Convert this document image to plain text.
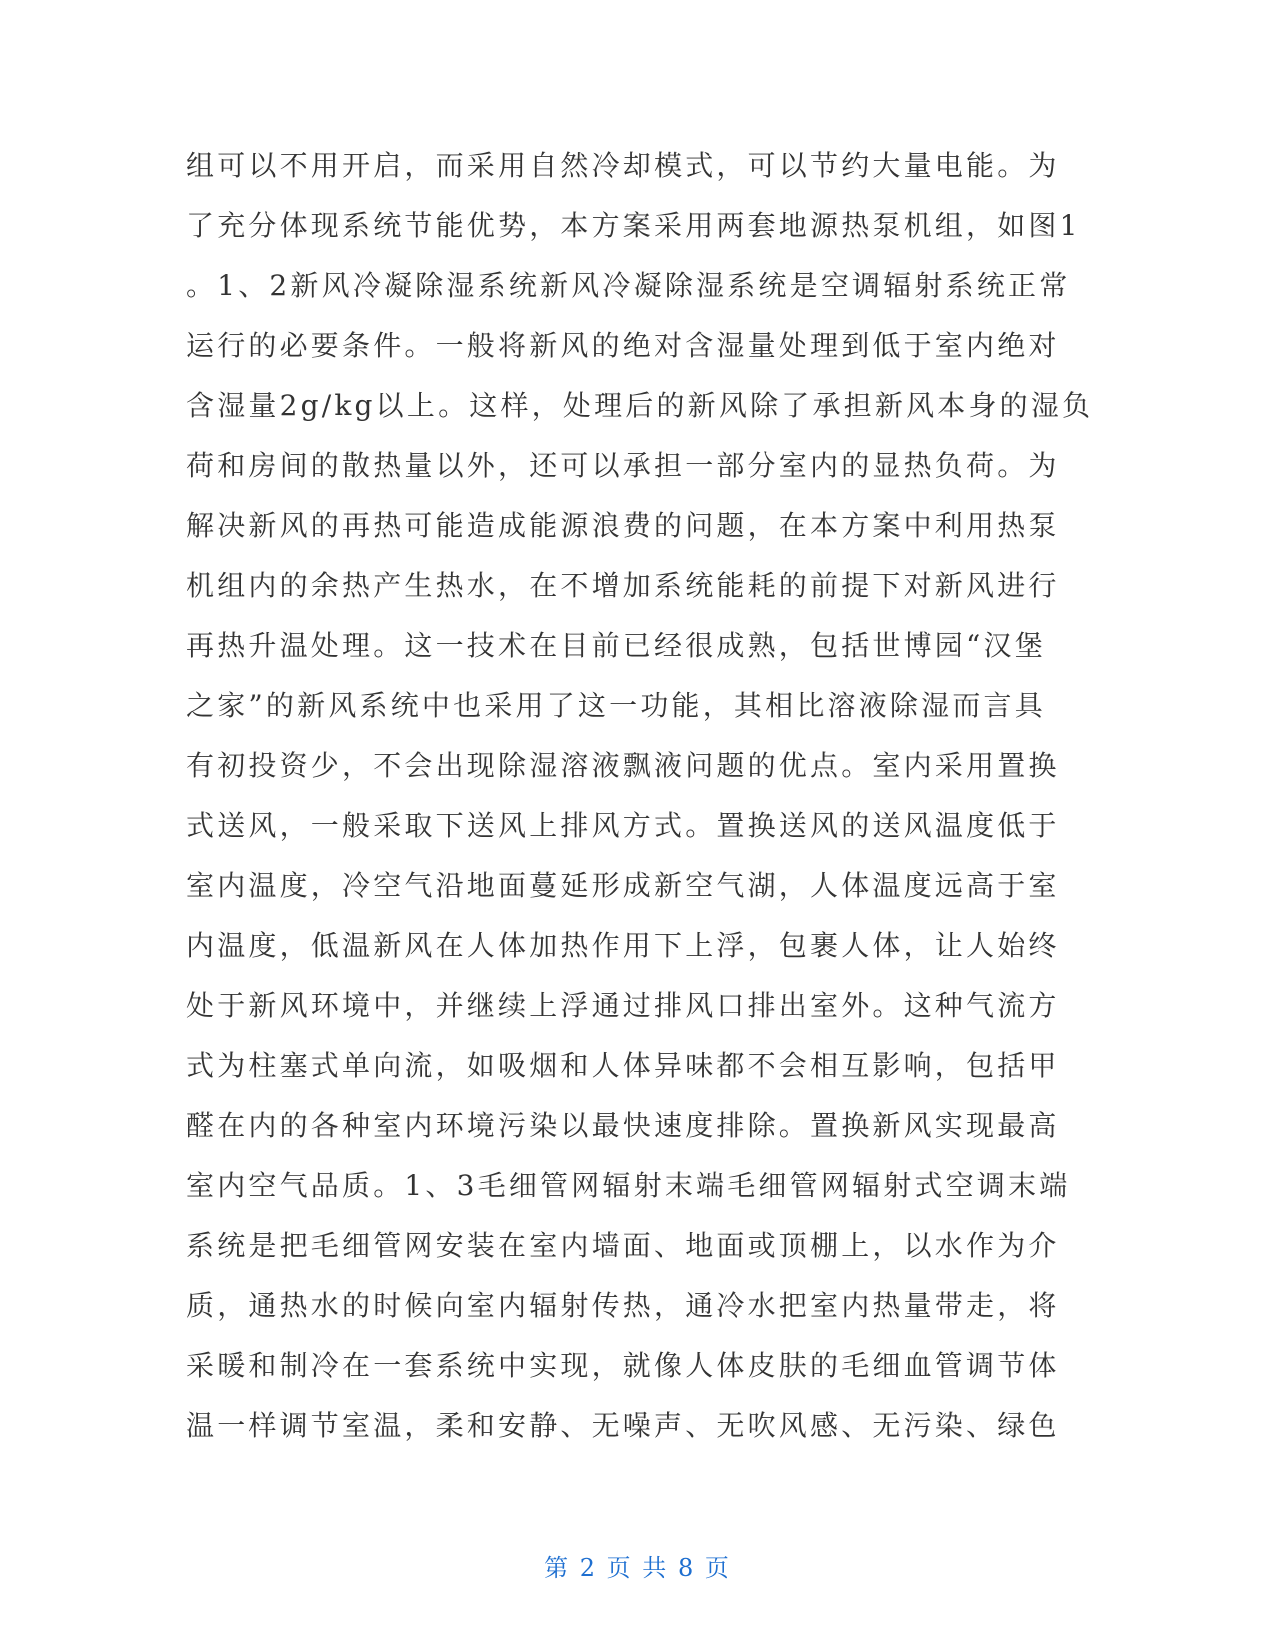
组可以不用开启，而采用自然冷却模式，可以节约大量电能。为
了充分体现系统节能优势，本方案采用两套地源热泵机组，如图1
。1、2新风冷凝除湿系统新风冷凝除湿系统是空调辐射系统正常
运行的必要条件。一般将新风的绝对含湿量处理到低于室内绝对
含湿量2g/kg以上。这样，处理后的新风除了承担新风本身的湿负
荷和房间的散热量以外，还可以承担一部分室内的显热负荷。为
解决新风的再热可能造成能源浪费的问题，在本方案中利用热泵
机组内的余热产生热水，在不增加系统能耗的前提下对新风进行
再热升温处理。这一技术在目前已经很成熟，包括世博园“汉堡
之家”的新风系统中也采用了这一功能，其相比溶液除湿而言具
有初投资少，不会出现除湿溶液飘液问题的优点。室内采用置换
式送风，一般采取下送风上排风方式。置换送风的送风温度低于
室内温度，冷空气沿地面蔓延形成新空气湖，人体温度远高于室
内温度，低温新风在人体加热作用下上浮，包裹人体，让人始终
处于新风环境中，并继续上浮通过排风口排出室外。这种气流方
式为柱塞式单向流，如吸烟和人体异味都不会相互影响，包括甲
醛在内的各种室内环境污染以最快速度排除。置换新风实现最高
室内空气品质。1、3毛细管网辐射末端毛细管网辐射式空调末端
系统是把毛细管网安装在室内墙面、地面或顶棚上，以水作为介
质，通热水的时候向室内辐射传热，通冷水把室内热量带走，将
采暖和制冷在一套系统中实现，就像人体皮肤的毛细血管调节体
温一样调节室温，柔和安静、无噪声、无吹风感、无污染、绿色
第 2 页 共 8 页
